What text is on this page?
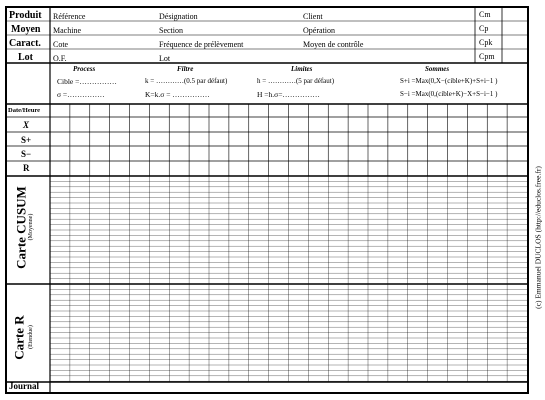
Produit
Moyen
Caract.
Lot
Référence
Machine
Cote
O.F.
Désignation
Section
Fréquence de prélèvement
Lot
Client
Opération
Moyen de contrôle
Cm
Cp
Cpk
Cpm
Process
Cible =……………
σ =……………
Filtre
k = …………(0.5 par défaut)
K=k.σ = ……………
Limites
h = …………(5 par défaut)
H =h.σ=……………
Sommes
S+i =Max(0,X−(cible+K)+S+i−1 )
S−i =Max(0,(cible+K)−X+S−i−1 )
Date/Heure
X
S+
S−
R
Carte CUSUM (Moyenne)
Carte R (Etendue)
Journal
(c) Emmanuel DUCLOS (http://educlos.free.fr)
